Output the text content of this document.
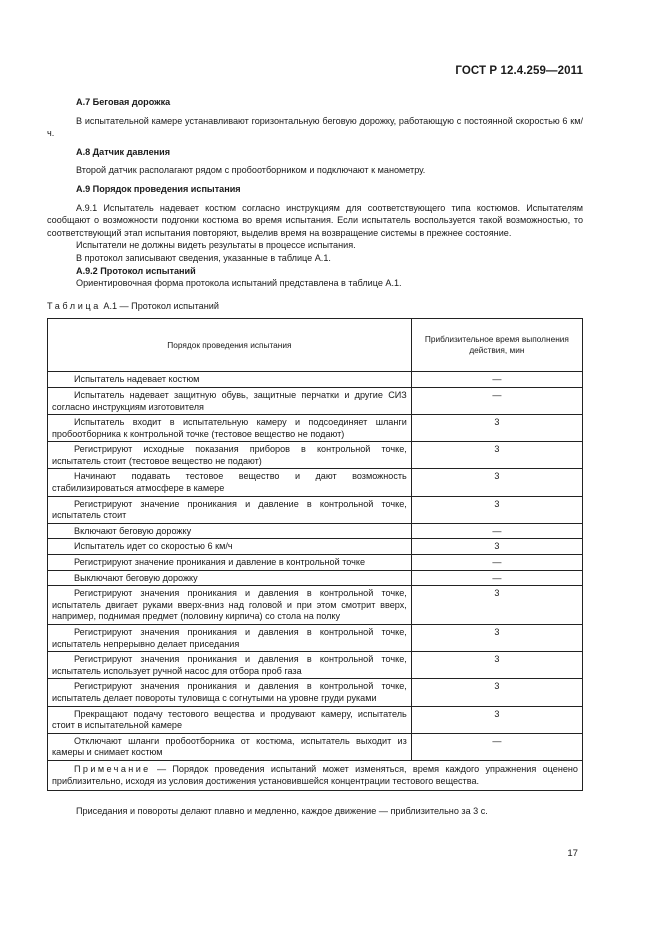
ГОСТ Р 12.4.259—2011

А.7 Беговая дорожка

В испытательной камере устанавливают горизонтальную беговую дорожку, работающую с постоянной скоростью 6 км/ч.

А.8 Датчик давления

Второй датчик располагают рядом с пробоотборником и подключают к манометру.

А.9 Порядок проведения испытания

А.9.1 Испытатель надевает костюм согласно инструкциям для соответствующего типа костюмов. Испытателям сообщают о возможности подгонки костюма во время испытания. Если испытатель воспользуется такой возможностью, то соответствующий этап испытания повторяют, выделив время на возвращение системы в прежнее состояние.

Испытатели не должны видеть результаты в процессе испытания.

В протокол записывают сведения, указанные в таблице А.1.

А.9.2 Протокол испытаний

Ориентировочная форма протокола испытаний представлена в таблице А.1.

Таблица А.1 — Протокол испытаний
Порядок проведения испытания	Приблизительное время выполнения действия, мин
Испытатель надевает костюм	—
Испытатель надевает защитную обувь, защитные перчатки и другие СИЗ согласно инструкциям изготовителя	—
Испытатель входит в испытательную камеру и подсоединяет шланги пробоотборника к контрольной точке (тестовое вещество не подают)	3
Регистрируют исходные показания приборов в контрольной точке, испытатель стоит (тестовое вещество не подают)	3
Начинают подавать тестовое вещество и дают возможность стабилизироваться атмосфере в камере	3
Регистрируют значение проникания и давление в контрольной точке, испытатель стоит	3
Включают беговую дорожку	—
Испытатель идет со скоростью 6 км/ч	3
Регистрируют значение проникания и давление в контрольной точке	—
Выключают беговую дорожку	—
Регистрируют значения проникания и давления в контрольной точке, испытатель двигает руками вверх-вниз над головой и при этом смотрит вверх, например, поднимая предмет (половину кирпича) со стола на полку	3
Регистрируют значения проникания и давления в контрольной точке, испытатель непрерывно делает приседания	3
Регистрируют значения проникания и давления в контрольной точке, испытатель использует ручной насос для отбора проб газа	3
Регистрируют значения проникания и давления в контрольной точке, испытатель делает повороты туловища с согнутыми на уровне груди руками	3
Прекращают подачу тестового вещества и продувают камеру, испытатель стоит в испытательной камере	3
Отключают шланги пробоотборника от костюма, испытатель выходит из камеры и снимает костюм	—
Примечание — Порядок проведения испытаний может изменяться, время каждого упражнения оценено приблизительно, исходя из условия достижения установившейся концентрации тестового вещества.	

Приседания и повороты делают плавно и медленно, каждое движение — приблизительно за 3 с.

17
